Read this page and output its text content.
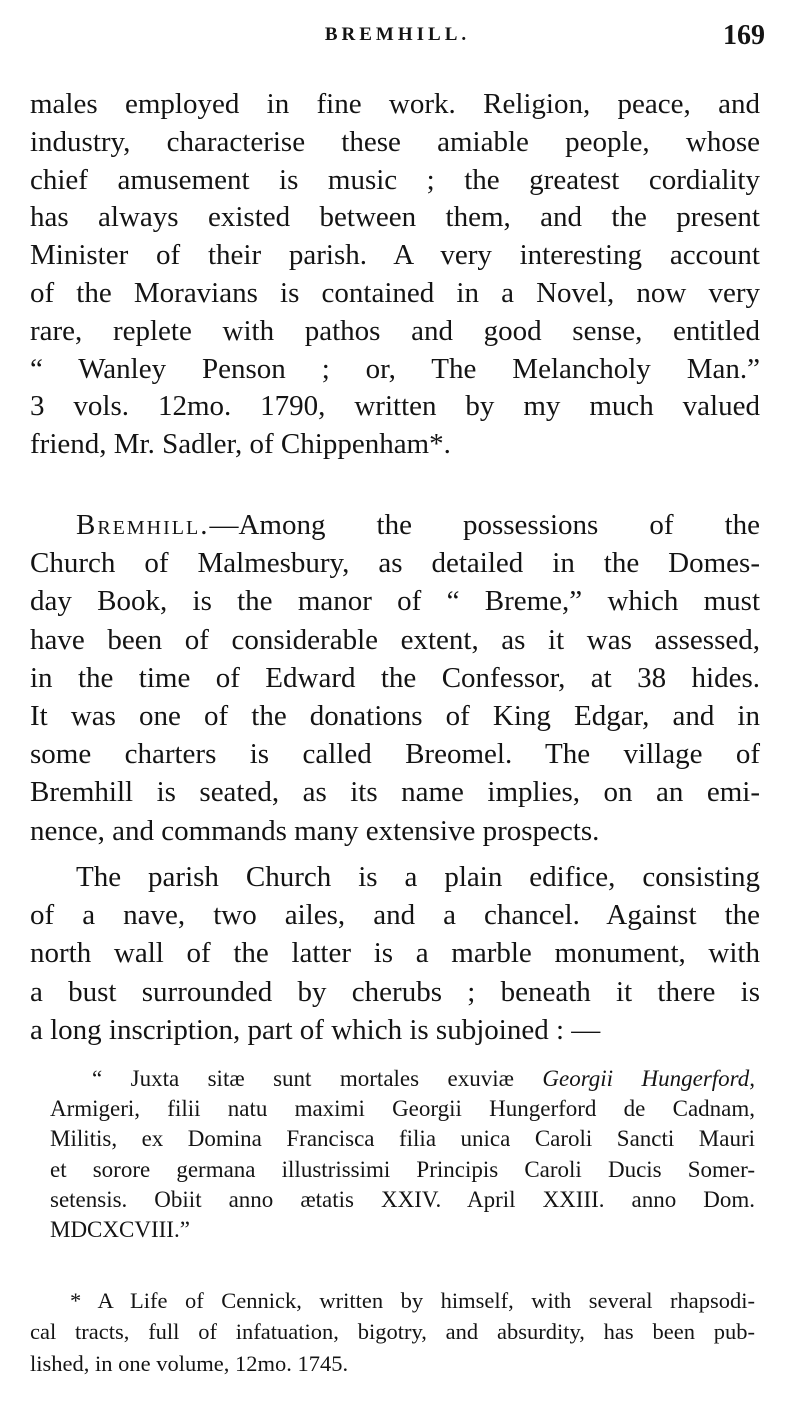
BREMHILL.	169
males employed in fine work. Religion, peace, and
industry, characterise these amiable people, whose
chief amusement is music ; the greatest cordiality
has always existed between them, and the present
Minister of their parish. A very interesting account
of the Moravians is contained in a Novel, now very
rare, replete with pathos and good sense, entitled
“ Wanley Penson ; or, The Melancholy Man.”
3 vols. 12mo. 1790, written by my much valued
friend, Mr. Sadler, of Chippenham*.
Bremhill.—Among the possessions of the
Church of Malmesbury, as detailed in the Domes-
day Book, is the manor of “ Breme,” which must
have been of considerable extent, as it was assessed,
in the time of Edward the Confessor, at 38 hides.
It was one of the donations of King Edgar, and in
some charters is called Breomel. The village of
Bremhill is seated, as its name implies, on an emi-
nence, and commands many extensive prospects.
The parish Church is a plain edifice, consisting
of a nave, two ailes, and a chancel. Against the
north wall of the latter is a marble monument, with
a bust surrounded by cherubs ; beneath it there is
a long inscription, part of which is subjoined : —
“ Juxta sitæ sunt mortales exuviæ Georgii Hungerford,
Armigeri, filii natu maximi Georgii Hungerford de Cadnam,
Militis, ex Domina Francisca filia unica Caroli Sancti Mauri
et sorore germana illustrissimi Principis Caroli Ducis Somer-
setensis. Obiit anno ætatis XXIV. April XXIII. anno Dom.
MDCXCVIII.”
* A Life of Cennick, written by himself, with several rhapsodi-
cal tracts, full of infatuation, bigotry, and absurdity, has been pub-
lished, in one volume, 12mo. 1745.
